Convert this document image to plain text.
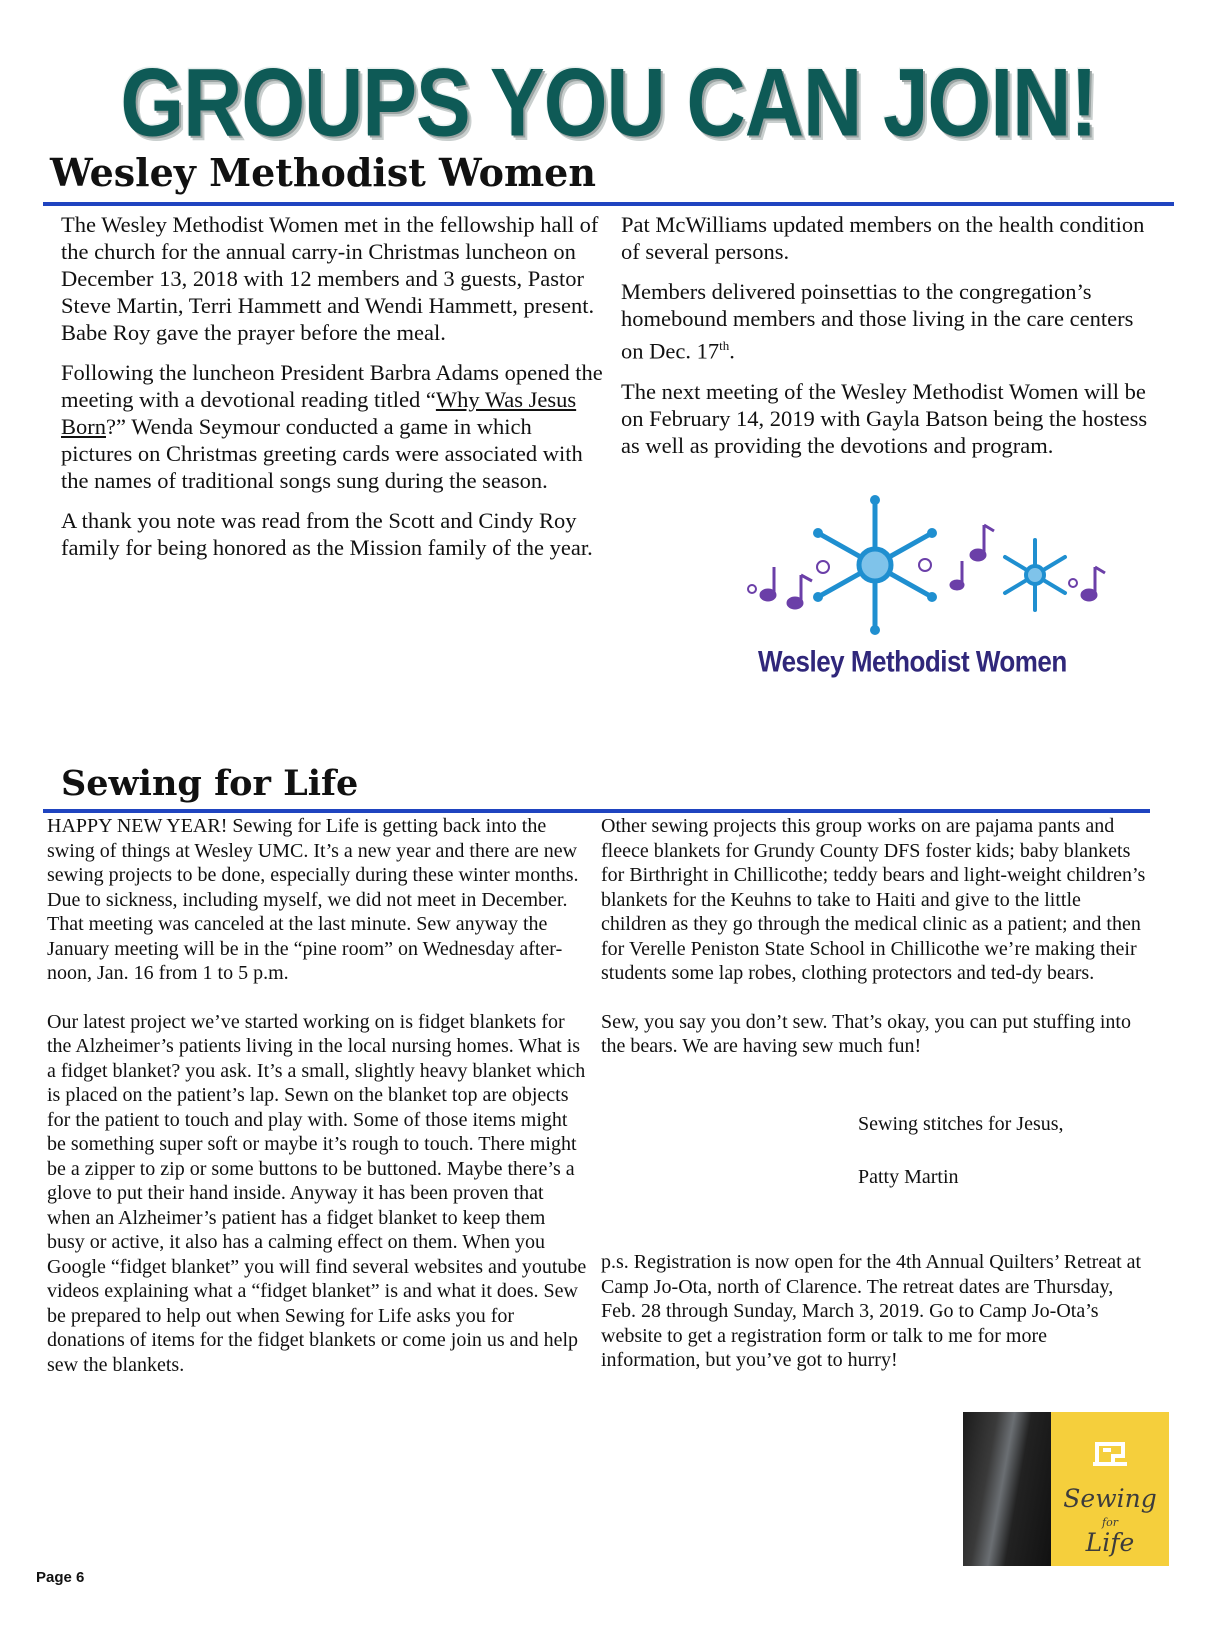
GROUPS YOU CAN JOIN!
Wesley Methodist Women

The Wesley Methodist Women met in the fellowship hall of the church for the annual carry-in Christmas luncheon on December 13, 2018 with 12 members and 3 guests, Pastor Steve Martin, Terri Hammett and Wendi Hammett, present. Babe Roy gave the prayer before the meal.

Following the luncheon President Barbra Adams opened the meeting with a devotional reading titled “Why Was Jesus Born?” Wenda Seymour conducted a game in which pictures on Christmas greeting cards were associated with the names of traditional songs sung during the season.

A thank you note was read from the Scott and Cindy Roy family for being honored as the Mission family of the year.

Pat McWilliams updated members on the health condition of several persons.

Members delivered poinsettias to the congregation’s homebound members and those living in the care centers on Dec. 17th.

The next meeting of the Wesley Methodist Women will be on February 14, 2019 with Gayla Batson being the hostess as well as providing the devotions and program.

Wesley Methodist Women
Sewing for Life

HAPPY NEW YEAR! Sewing for Life is getting back into the swing of things at Wesley UMC. It’s a new year and there are new sewing projects to be done, especially during these winter months. Due to sickness, including myself, we did not meet in December. That meeting was canceled at the last minute. Sew anyway the January meeting will be in the “pine room” on Wednesday after-noon, Jan. 16 from 1 to 5 p.m.

Our latest project we’ve started working on is fidget blankets for the Alzheimer’s patients living in the local nursing homes. What is a fidget blanket? you ask. It’s a small, slightly heavy blanket which is placed on the patient’s lap. Sewn on the blanket top are objects for the patient to touch and play with. Some of those items might be something super soft or maybe it’s rough to touch. There might be a zipper to zip or some buttons to be buttoned. Maybe there’s a glove to put their hand inside. Anyway it has been proven that when an Alzheimer’s patient has a fidget blanket to keep them busy or active, it also has a calming effect on them. When you Google “fidget blanket” you will find several websites and youtube videos explaining what a “fidget blanket” is and what it does. Sew be prepared to help out when Sewing for Life asks you for donations of items for the fidget blankets or come join us and help sew the blankets.

Other sewing projects this group works on are pajama pants and fleece blankets for Grundy County DFS foster kids; baby blankets for Birthright in Chillicothe; teddy bears and light-weight children’s blankets for the Keuhns to take to Haiti and give to the little children as they go through the medical clinic as a patient; and then for Verelle Peniston State School in Chillicothe we’re making their students some lap robes, clothing protectors and ted-dy bears.

Sew, you say you don’t sew. That’s okay, you can put stuffing into the bears. We are having sew much fun!

Sewing stitches for Jesus,
Patty Martin

p.s. Registration is now open for the 4th Annual Quilters’ Retreat at Camp Jo-Ota, north of Clarence. The retreat dates are Thursday, Feb. 28 through Sunday, March 3, 2019. Go to Camp Jo-Ota’s website to get a registration form or talk to me for more information, but you’ve got to hurry!

Sewing
for
Life
Page 6
